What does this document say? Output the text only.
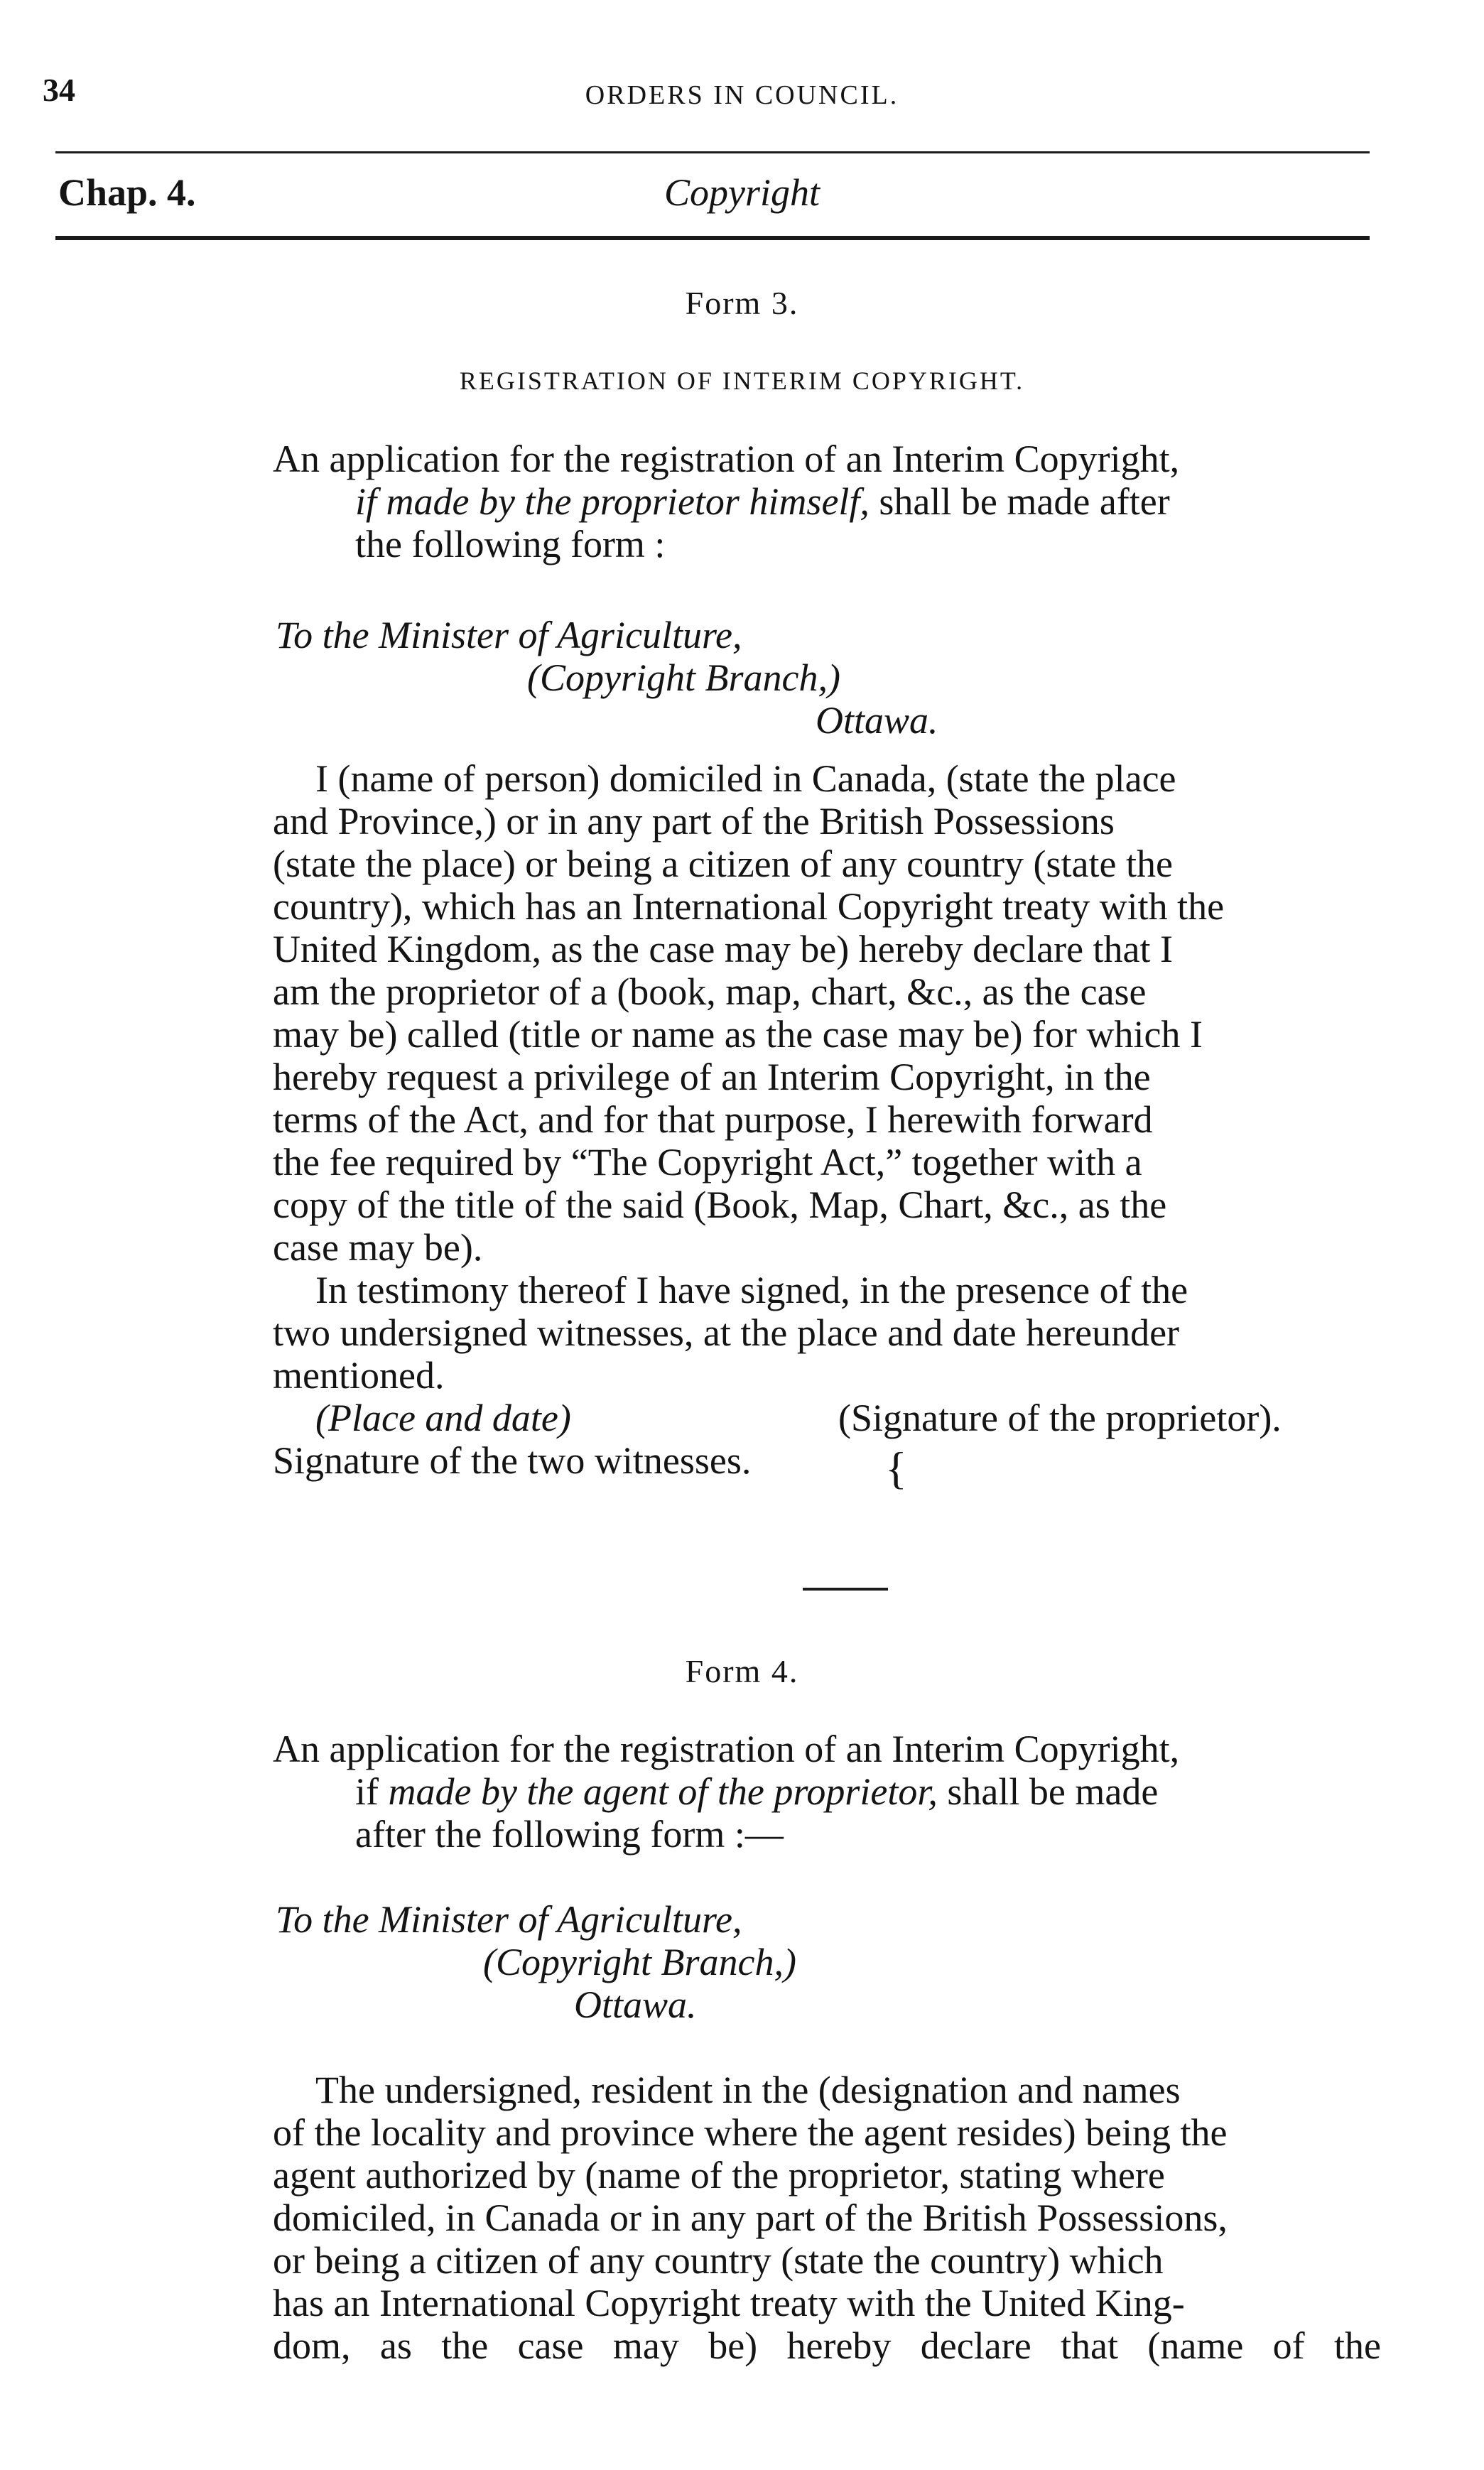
34	ORDERS IN COUNCIL.
Chap. 4.	Copyright
Form 3.
REGISTRATION OF INTERIM COPYRIGHT.
An application for the registration of an Interim Copyright,
if made by the proprietor himself, shall be made after
the following form :
To the Minister of Agriculture,
(Copyright Branch,)
Ottawa.
I (name of person) domiciled in Canada, (state the place
and Province,) or in any part of the British Possessions
(state the place) or being a citizen of any country (state the
country), which has an International Copyright treaty with the
United Kingdom, as the case may be) hereby declare that I
am the proprietor of a (book, map, chart, &c., as the case
may be) called (title or name as the case may be) for which I
hereby request a privilege of an Interim Copyright, in the
terms of the Act, and for that purpose, I herewith forward
the fee required by “The Copyright Act,” together with a
copy of the title of the said (Book, Map, Chart, &c., as the
case may be).
In testimony thereof I have signed, in the presence of the
two undersigned witnesses, at the place and date hereunder
mentioned.
(Place and date)	(Signature of the proprietor).
Signature of the two witnesses.	{
Form 4.
An application for the registration of an Interim Copyright,
if made by the agent of the proprietor, shall be made
after the following form :—
To the Minister of Agriculture,
(Copyright Branch,)
Ottawa.
The undersigned, resident in the (designation and names
of the locality and province where the agent resides) being the
agent authorized by (name of the proprietor, stating where
domiciled, in Canada or in any part of the British Possessions,
or being a citizen of any country (state the country) which
has an International Copyright treaty with the United King-
dom, as the case may be) hereby declare that (name of the
